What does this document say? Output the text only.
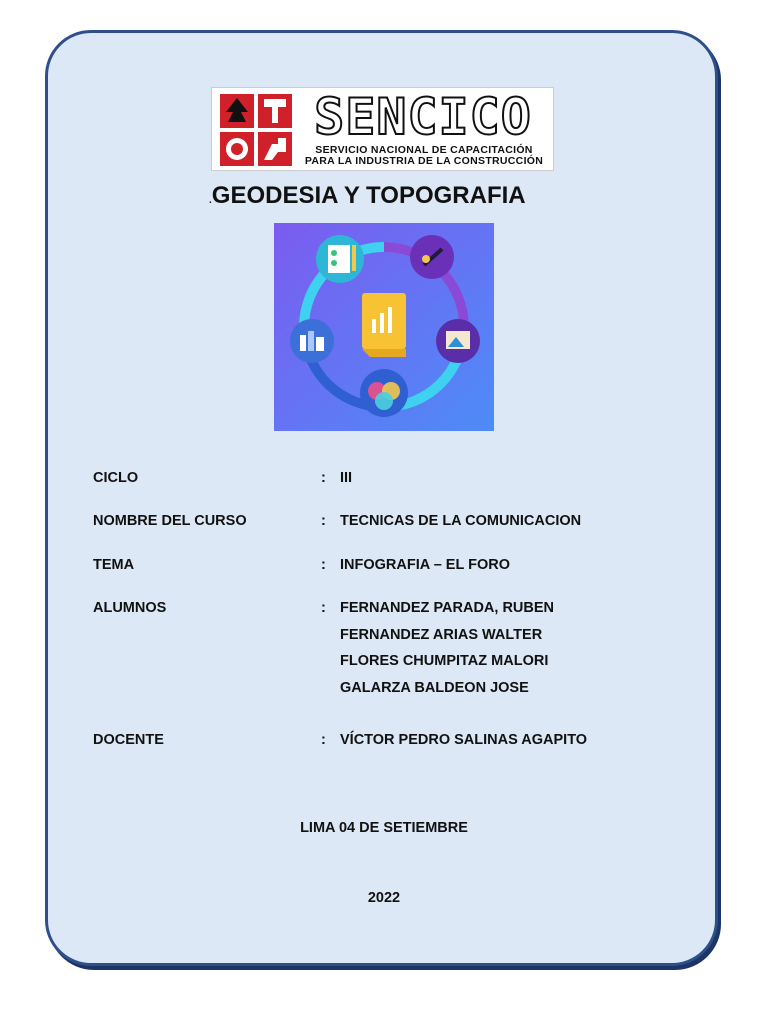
SENCICO
SERVICIO NACIONAL DE CAPACITACIÓN
PARA LA INDUSTRIA DE LA CONSTRUCCIÓN
.GEODESIA Y TOPOGRAFIA
CICLO	: III
NOMBRE DEL CURSO	: TECNICAS DE LA COMUNICACION
TEMA	: INFOGRAFIA – EL FORO
ALUMNOS	: FERNANDEZ PARADA, RUBEN
FERNANDEZ ARIAS WALTER
FLORES CHUMPITAZ MALORI
GALARZA BALDEON JOSE
DOCENTE	: VÍCTOR PEDRO SALINAS AGAPITO
LIMA 04 DE SETIEMBRE
2022
